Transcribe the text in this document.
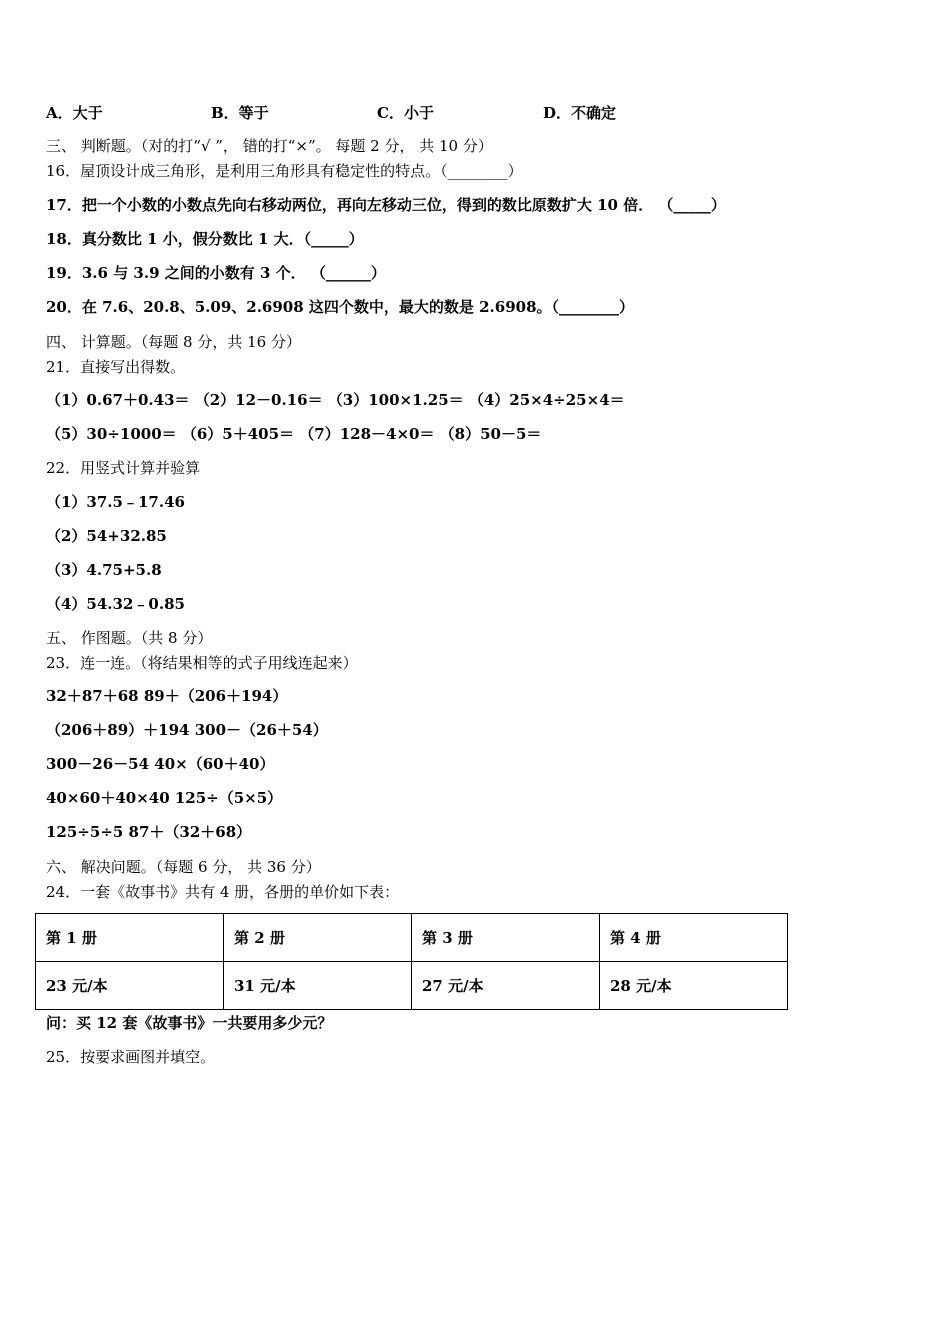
A．大于	B．等于	C．小于	D．不确定
三、 判断题。（对的打“√ ”， 错的打“×”。 每题 2 分， 共 10 分）
16．屋顶设计成三角形，是利用三角形具有稳定性的特点。（________）
17．把一个小数的小数点先向右移动两位，再向左移动三位，得到的数比原数扩大 10 倍． （_____）
18．真分数比 1 小，假分数比 1 大．（_____）
19．3.6 与 3.9 之间的小数有 3 个． （______）
20．在 7.6、20.8、5.09、2.6908 这四个数中，最大的数是 2.6908。（________）
四、 计算题。（每题 8 分，共 16 分）
21．直接写出得数。
（1）0.67＋0.43＝ （2）12－0.16＝ （3）100×1.25＝ （4）25×4÷25×4＝
（5）30÷1000＝ （6）5＋405＝ （7）128－4×0＝ （8）50－5＝
22．用竖式计算并验算
（1）37.5﹣17.46
（2）54+32.85
（3）4.75+5.8
（4）54.32﹣0.85
五、 作图题。（共 8 分）
23．连一连。（将结果相等的式子用线连起来）
32＋87＋68 89＋（206＋194）
（206＋89）＋194 300－（26＋54）
300－26－54 40×（60＋40）
40×60＋40×40 125÷（5×5）
125÷5÷5 87＋（32＋68）
六、 解决问题。（每题 6 分， 共 36 分）
24．一套《故事书》共有 4 册，各册的单价如下表：
第 1 册	第 2 册	第 3 册	第 4 册
23 元/本	31 元/本	27 元/本	28 元/本
问：买 12 套《故事书》一共要用多少元？
25．按要求画图并填空。
